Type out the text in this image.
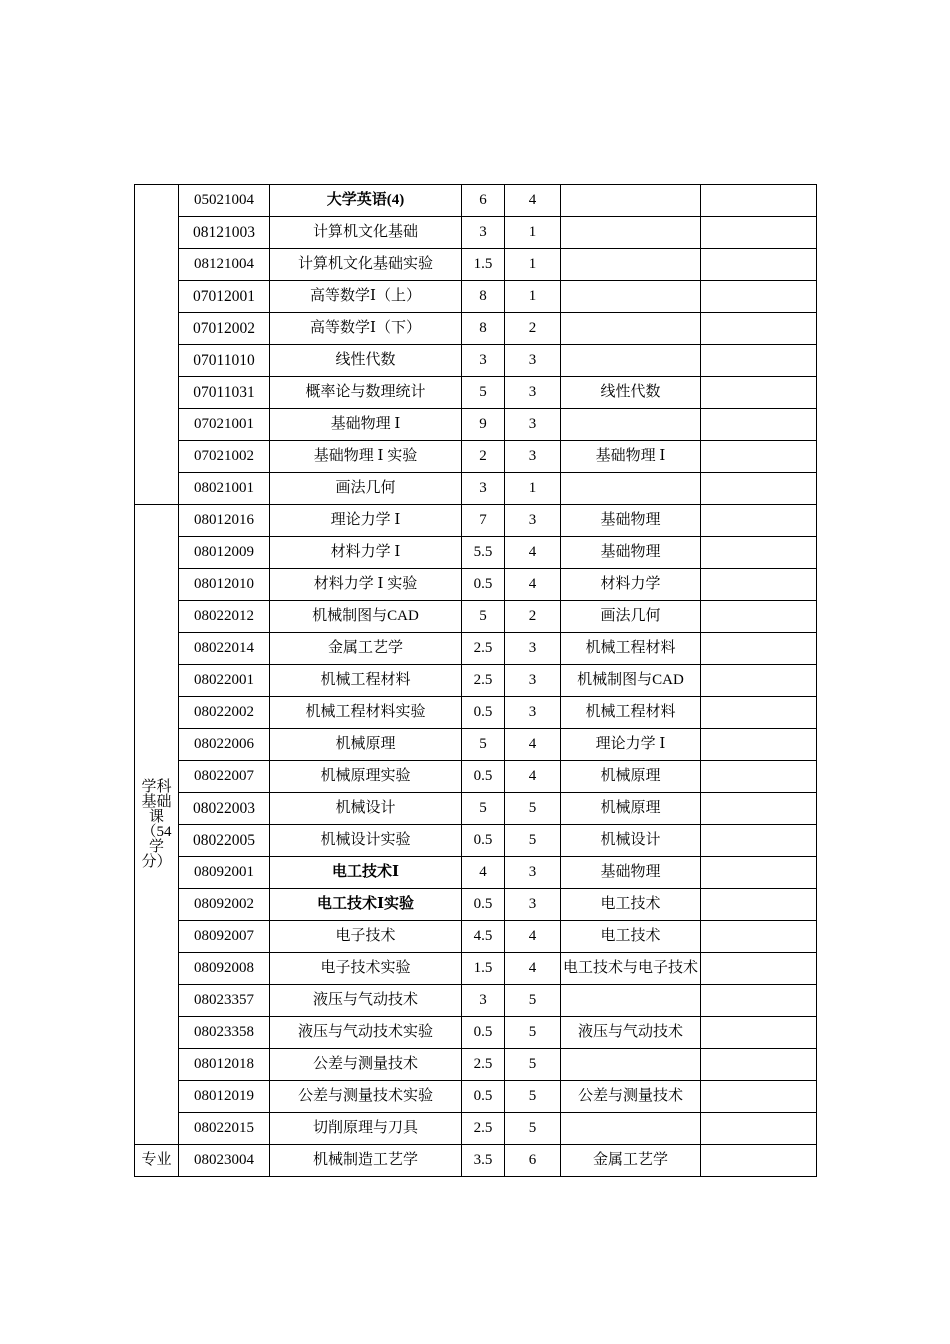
	05021004	大学英语(4)	6	4		
	08121003	计算机文化基础	3	1		
	08121004	计算机文化基础实验	1.5	1		
	07012001	高等数学Ⅰ（上）	8	1		
	07012002	高等数学Ⅰ（下）	8	2		
	07011010	线性代数	3	3		
	07011031	概率论与数理统计	5	3	线性代数	
	07021001	基础物理 Ⅰ	9	3		
	07021002	基础物理 Ⅰ 实验	2	3	基础物理 Ⅰ	
	08021001	画法几何	3	1		
学科基础课（54学分）	08012016	理论力学 Ⅰ	7	3	基础物理	
	08012009	材料力学 Ⅰ	5.5	4	基础物理	
	08012010	材料力学 Ⅰ 实验	0.5	4	材料力学	
	08022012	机械制图与CAD	5	2	画法几何	
	08022014	金属工艺学	2.5	3	机械工程材料	
	08022001	机械工程材料	2.5	3	机械制图与CAD	
	08022002	机械工程材料实验	0.5	3	机械工程材料	
	08022006	机械原理	5	4	理论力学 Ⅰ	
	08022007	机械原理实验	0.5	4	机械原理	
	08022003	机械设计	5	5	机械原理	
	08022005	机械设计实验	0.5	5	机械设计	
	08092001	电工技术Ⅰ	4	3	基础物理	
	08092002	电工技术Ⅰ实验	0.5	3	电工技术	
	08092007	电子技术	4.5	4	电工技术	
	08092008	电子技术实验	1.5	4	电工技术与电子技术	
	08023357	液压与气动技术	3	5		
	08023358	液压与气动技术实验	0.5	5	液压与气动技术	
	08012018	公差与测量技术	2.5	5		
	08012019	公差与测量技术实验	0.5	5	公差与测量技术	
	08022015	切削原理与刀具	2.5	5		
专业	08023004	机械制造工艺学	3.5	6	金属工艺学	
